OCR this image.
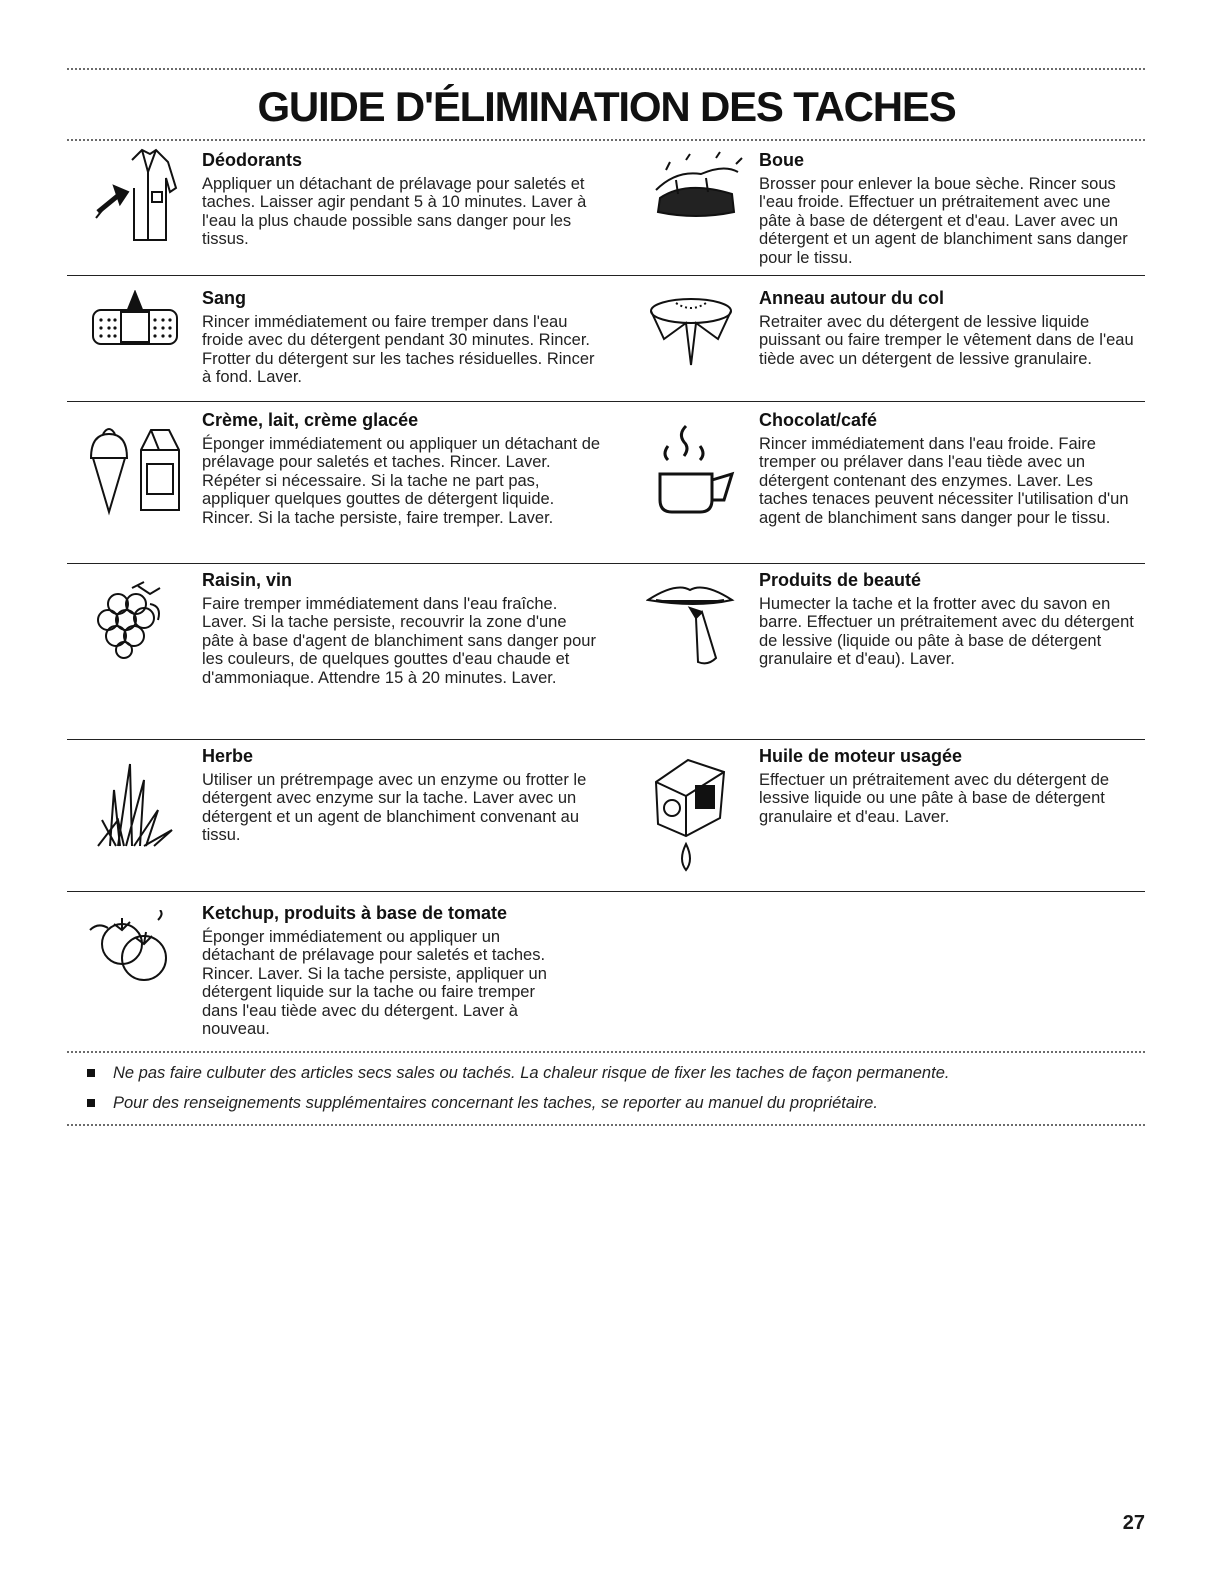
GUIDE D'ÉLIMINATION DES TACHES
Déodorants

Appliquer un détachant de prélavage pour saletés et taches. Laisser agir pendant 5 à 10 minutes. Laver à l'eau la plus chaude possible sans danger pour les tissus.

Boue

Brosser pour enlever la boue sèche. Rincer sous l'eau froide. Effectuer un prétraitement avec une pâte à base de détergent et d'eau. Laver avec un détergent et un agent de blanchiment sans danger pour le tissu.

Sang

Rincer immédiatement ou faire tremper dans l'eau froide avec du détergent pendant 30 minutes. Rincer. Frotter du détergent sur les taches résiduelles. Rincer à fond. Laver.

Anneau autour du col

Retraiter avec du détergent de lessive liquide puissant ou faire tremper le vêtement dans de l'eau tiède avec un détergent de lessive granulaire.

Crème, lait, crème glacée

Éponger immédiatement ou appliquer un détachant de prélavage pour saletés et taches. Rincer. Laver. Répéter si nécessaire. Si la tache ne part pas, appliquer quelques gouttes de détergent liquide. Rincer. Si la tache persiste, faire tremper. Laver.

Chocolat/café

Rincer immédiatement dans l'eau froide. Faire tremper ou prélaver dans l'eau tiède avec un détergent contenant des enzymes. Laver. Les taches tenaces peuvent nécessiter l'utilisation d'un agent de blanchiment sans danger pour le tissu.

Raisin, vin

Faire tremper immédiatement dans l'eau fraîche. Laver. Si la tache persiste, recouvrir la zone d'une pâte à base d'agent de blanchiment sans danger pour les couleurs, de quelques gouttes d'eau chaude et d'ammoniaque. Attendre 15 à 20 minutes. Laver.

Produits de beauté

Humecter la tache et la frotter avec du savon en barre. Effectuer un prétraitement avec du détergent de lessive (liquide ou pâte à base de détergent granulaire et d'eau). Laver.

Herbe

Utiliser un prétrempage avec un enzyme ou frotter le détergent avec enzyme sur la tache. Laver avec un détergent et un agent de blanchiment convenant au tissu.

Huile de moteur usagée

Effectuer un prétraitement avec du détergent de lessive liquide ou une pâte à base de détergent granulaire et d'eau. Laver.

Ketchup, produits à base de tomate

Éponger immédiatement ou appliquer un détachant de prélavage pour saletés et taches. Rincer. Laver. Si la tache persiste, appliquer un détergent liquide sur la tache ou faire tremper dans l'eau tiède avec du détergent. Laver à nouveau.

Ne pas faire culbuter des articles secs sales ou tachés. La chaleur risque de fixer les taches de façon permanente.
Pour des renseignements supplémentaires concernant les taches, se reporter au manuel du propriétaire.
27
